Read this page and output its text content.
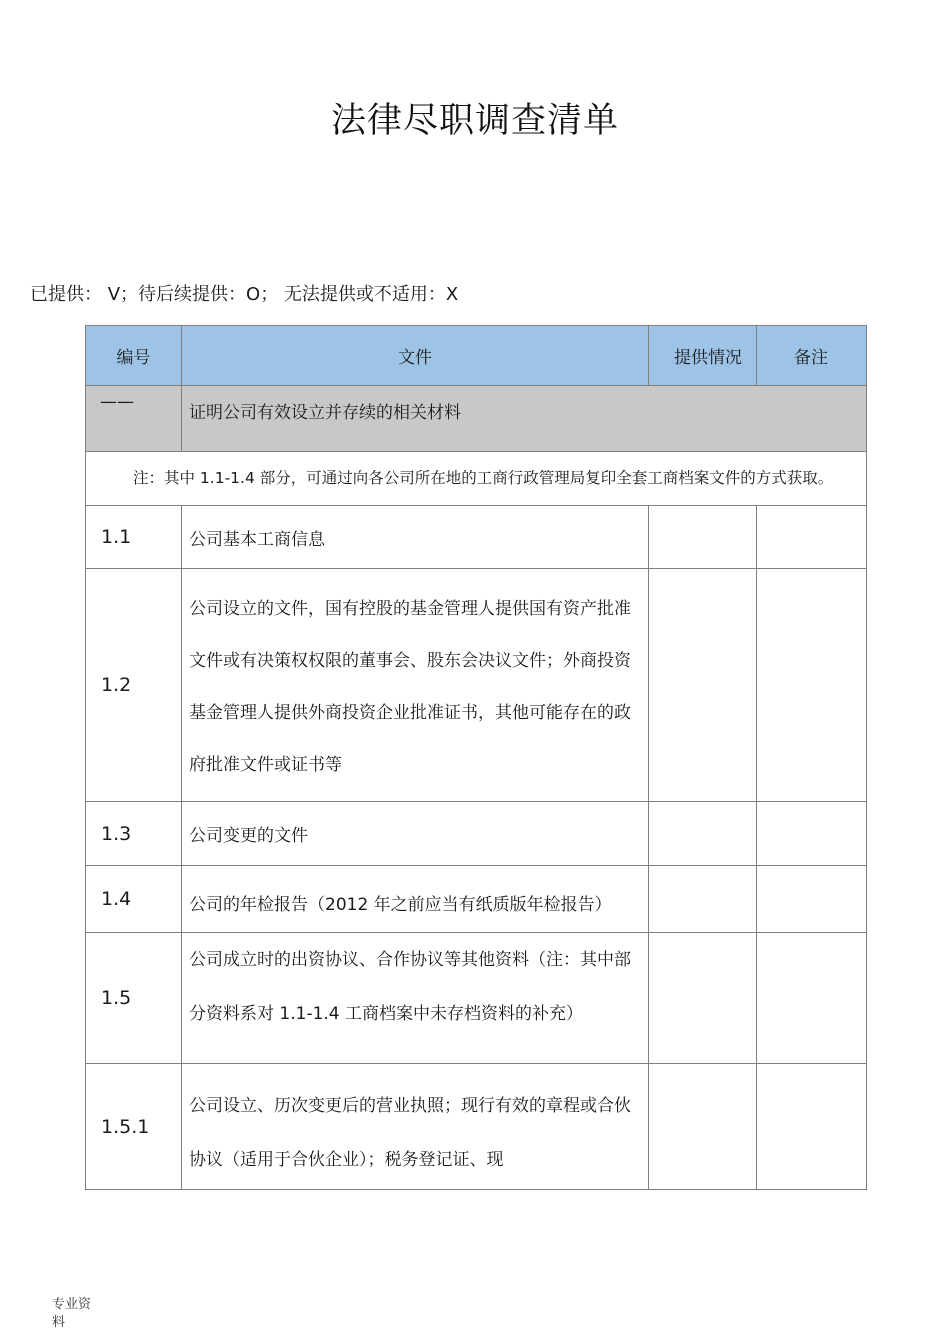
法律尽职调查清单
已提供： V；待后续提供：O； 无法提供或不适用：X
编号	文件	提供情况	备注
——	证明公司有效设立并存续的相关材料		
注：其中 1.1-1.4 部分，可通过向各公司所在地的工商行政管理局复印全套工商档案文件的方式获取。			
1.1	公司基本工商信息		
1.2	公司设立的文件，国有控股的基金管理人提供国有资产批准文件或有决策权权限的董事会、股东会决议文件；外商投资基金管理人提供外商投资企业批准证书，其他可能存在的政府批准文件或证书等		
1.3	公司变更的文件		
1.4	公司的年检报告（2012 年之前应当有纸质版年检报告）		
1.5	公司成立时的出资协议、合作协议等其他资料（注：其中部分资料系对 1.1-1.4 工商档案中未存档资料的补充）		
1.5.1	公司设立、历次变更后的营业执照；现行有效的章程或合伙协议（适用于合伙企业）；税务登记证、现		
专业资料
